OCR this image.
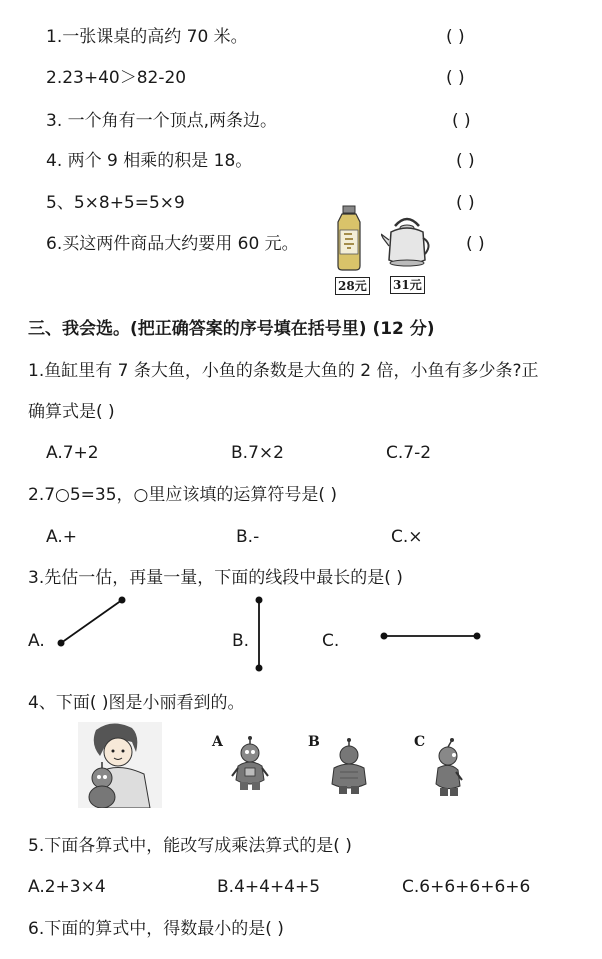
1.一张课桌的高约 70 米。	( )
2.23+40＞82-20	( )
3. 一个角有一个顶点,两条边。	( )
4. 两个 9 相乘的积是 18。	( )
5、5×8+5=5×9	( )
6.买这两件商品大约要用 60 元。	( )
28元 31元
三、我会选。(把正确答案的序号填在括号里) (12 分)
1.鱼缸里有 7 条大鱼，小鱼的条数是大鱼的 2 倍，小鱼有多少条?正
确算式是( )
A.7+2	B.7×2	C.7-2
2.7○5=35，○里应该填的运算符号是( )
A.+	B.-	C.×
3.先估一估，再量一量，下面的线段中最长的是( )
A.	B.	C.
4、下面( )图是小丽看到的。
A	B	C
5.下面各算式中，能改写成乘法算式的是( )
A.2+3×4	B.4+4+4+5	C.6+6+6+6+6
6.下面的算式中，得数最小的是( )
